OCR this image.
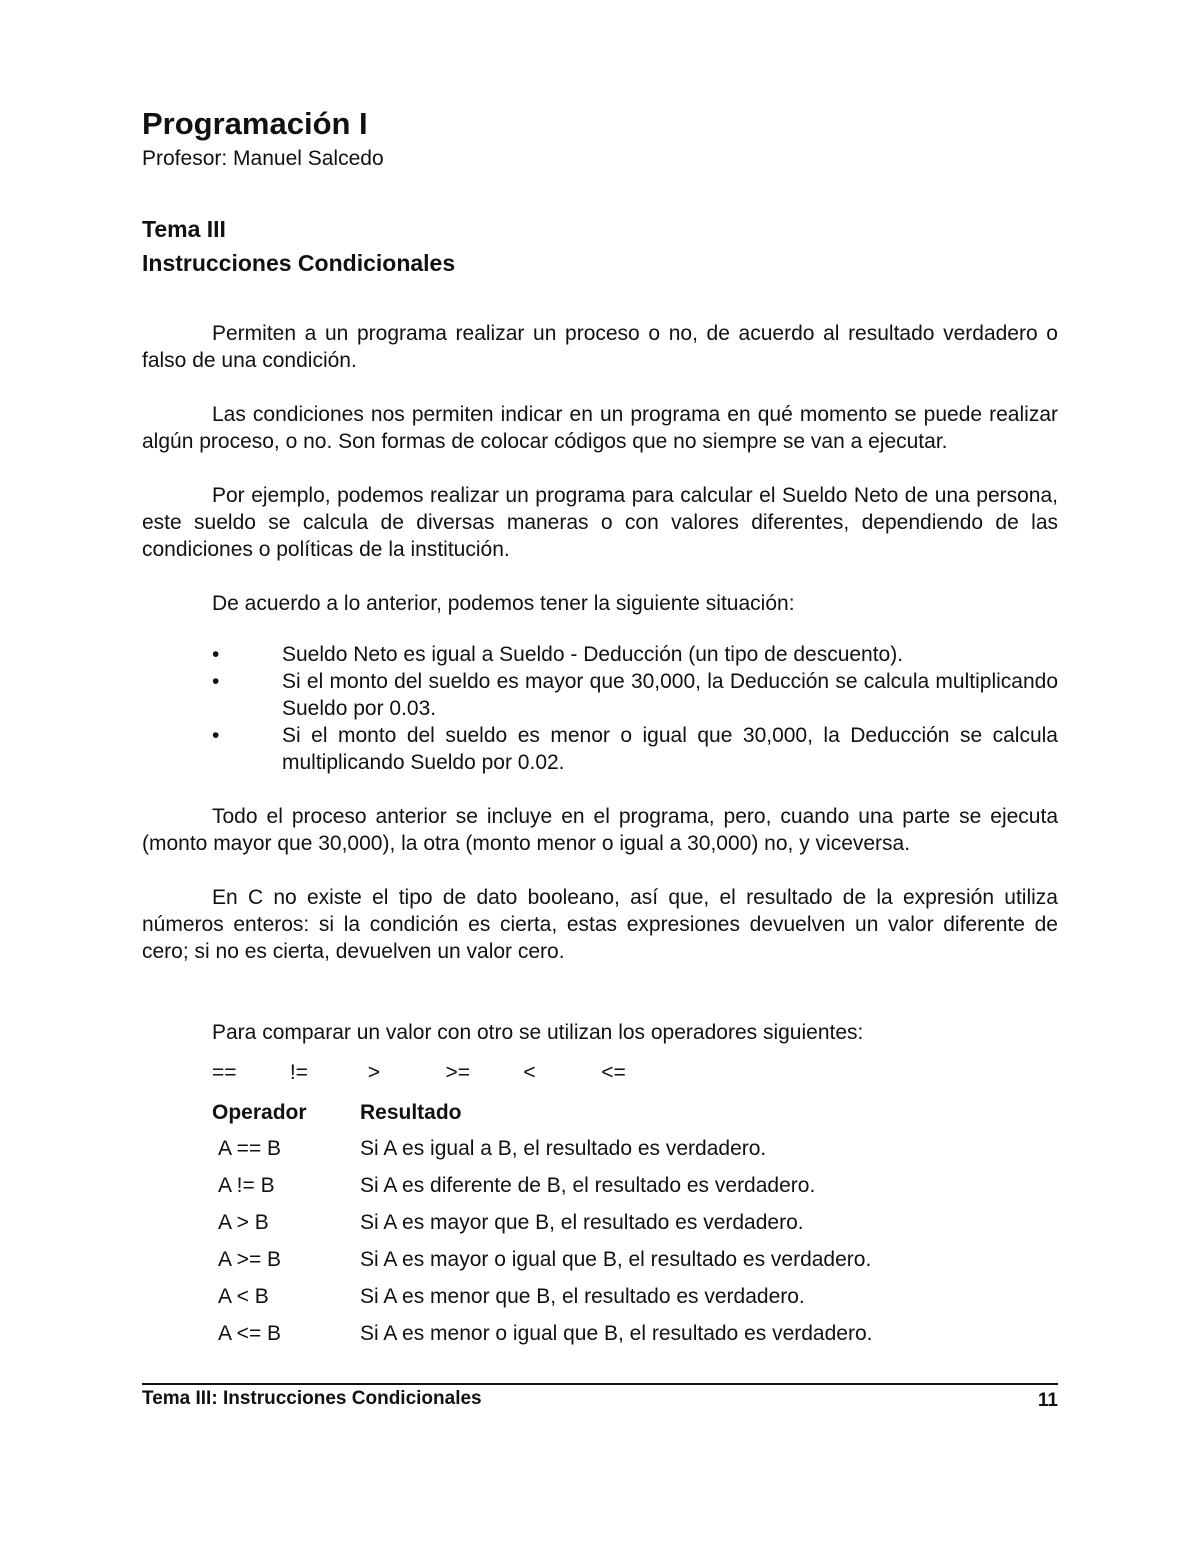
Programación I

Profesor: Manuel Salcedo

Tema III
Instrucciones Condicionales

Permiten a un programa realizar un proceso o no, de acuerdo al resultado verdadero o falso de una condición.

Las condiciones nos permiten indicar en un programa en qué momento se puede realizar algún proceso, o no. Son formas de colocar códigos que no siempre se van a ejecutar.

Por ejemplo, podemos realizar un programa para calcular el Sueldo Neto de una persona, este sueldo se calcula de diversas maneras o con valores diferentes, dependiendo de las condiciones o políticas de la institución.

De acuerdo a lo anterior, podemos tener la siguiente situación:

•	Sueldo Neto es igual a Sueldo - Deducción (un tipo de descuento).
•	Si el monto del sueldo es mayor que 30,000, la Deducción se calcula multiplicando Sueldo por 0.03.
•	Si el monto del sueldo es menor o igual que 30,000, la Deducción se calcula multiplicando Sueldo por 0.02.

Todo el proceso anterior se incluye en el programa, pero, cuando una parte se ejecuta (monto mayor que 30,000), la otra (monto menor o igual a 30,000) no, y viceversa.

En C no existe el tipo de dato booleano, así que, el resultado de la expresión utiliza números enteros: si la condición es cierta, estas expresiones devuelven un valor diferente de cero; si no es cierta, devuelven un valor cero.

Para comparar un valor con otro se utilizan los operadores siguientes:

==	!=	>	>=	<	<=
Operador	Resultado
A == B	Si A es igual a B, el resultado es verdadero.
A != B	Si A es diferente de B, el resultado es verdadero.
A > B	Si A es mayor que B, el resultado es verdadero.
A >= B	Si A es mayor o igual que B, el resultado es verdadero.
A < B	Si A es menor que B, el resultado es verdadero.
A <= B	Si A es menor o igual que B, el resultado es verdadero.
Tema III: Instrucciones Condicionales	11
